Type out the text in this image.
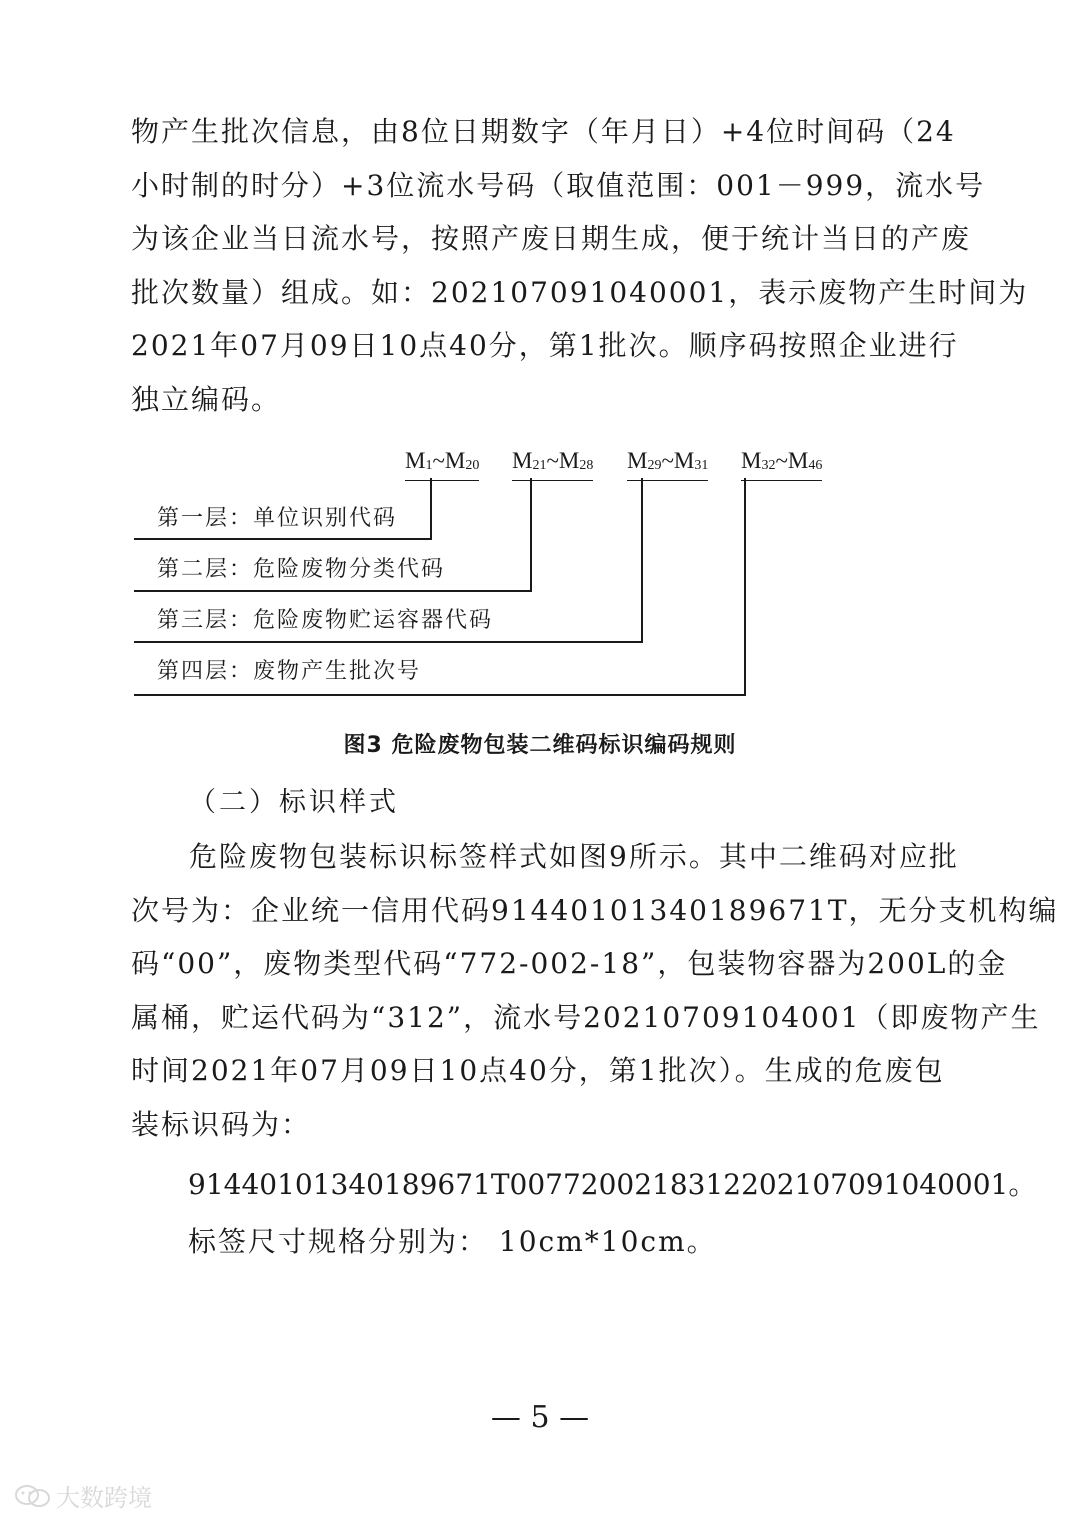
物产生批次信息，由8位日期数字（年月日）+4位时间码（24
小时制的时分）+3位流水号码（取值范围：001－999，流水号
为该企业当日流水号，按照产废日期生成，便于统计当日的产废
批次数量）组成。如：202107091040001，表示废物产生时间为
2021年07月09日10点40分，第1批次。顺序码按照企业进行
独立编码。
$M_1\sim M_{20}$ $M_{21}\sim M_{28}$ $M_{29}\sim M_{31}$ $M_{32}\sim M_{46}$
第一层：单位识别代码
第二层：危险废物分类代码
第三层：危险废物贮运容器代码
第四层：废物产生批次号
图3 危险废物包装二维码标识编码规则
（二）标识样式
危险废物包装标识标签样式如图9所示。其中二维码对应批
次号为：企业统一信用代码91440101340189671T，无分支机构编
码“00”，废物类型代码“772-002-18”，包装物容器为200L的金
属桶，贮运代码为“312”，流水号20210709104001（即废物产生
时间2021年07月09日10点40分，第1批次）。生成的危废包
装标识码为：
91440101340189671T0077200218312202107091040001。
标签尺寸规格分别为： 10cm*10cm。
— 5 —
大数跨境
